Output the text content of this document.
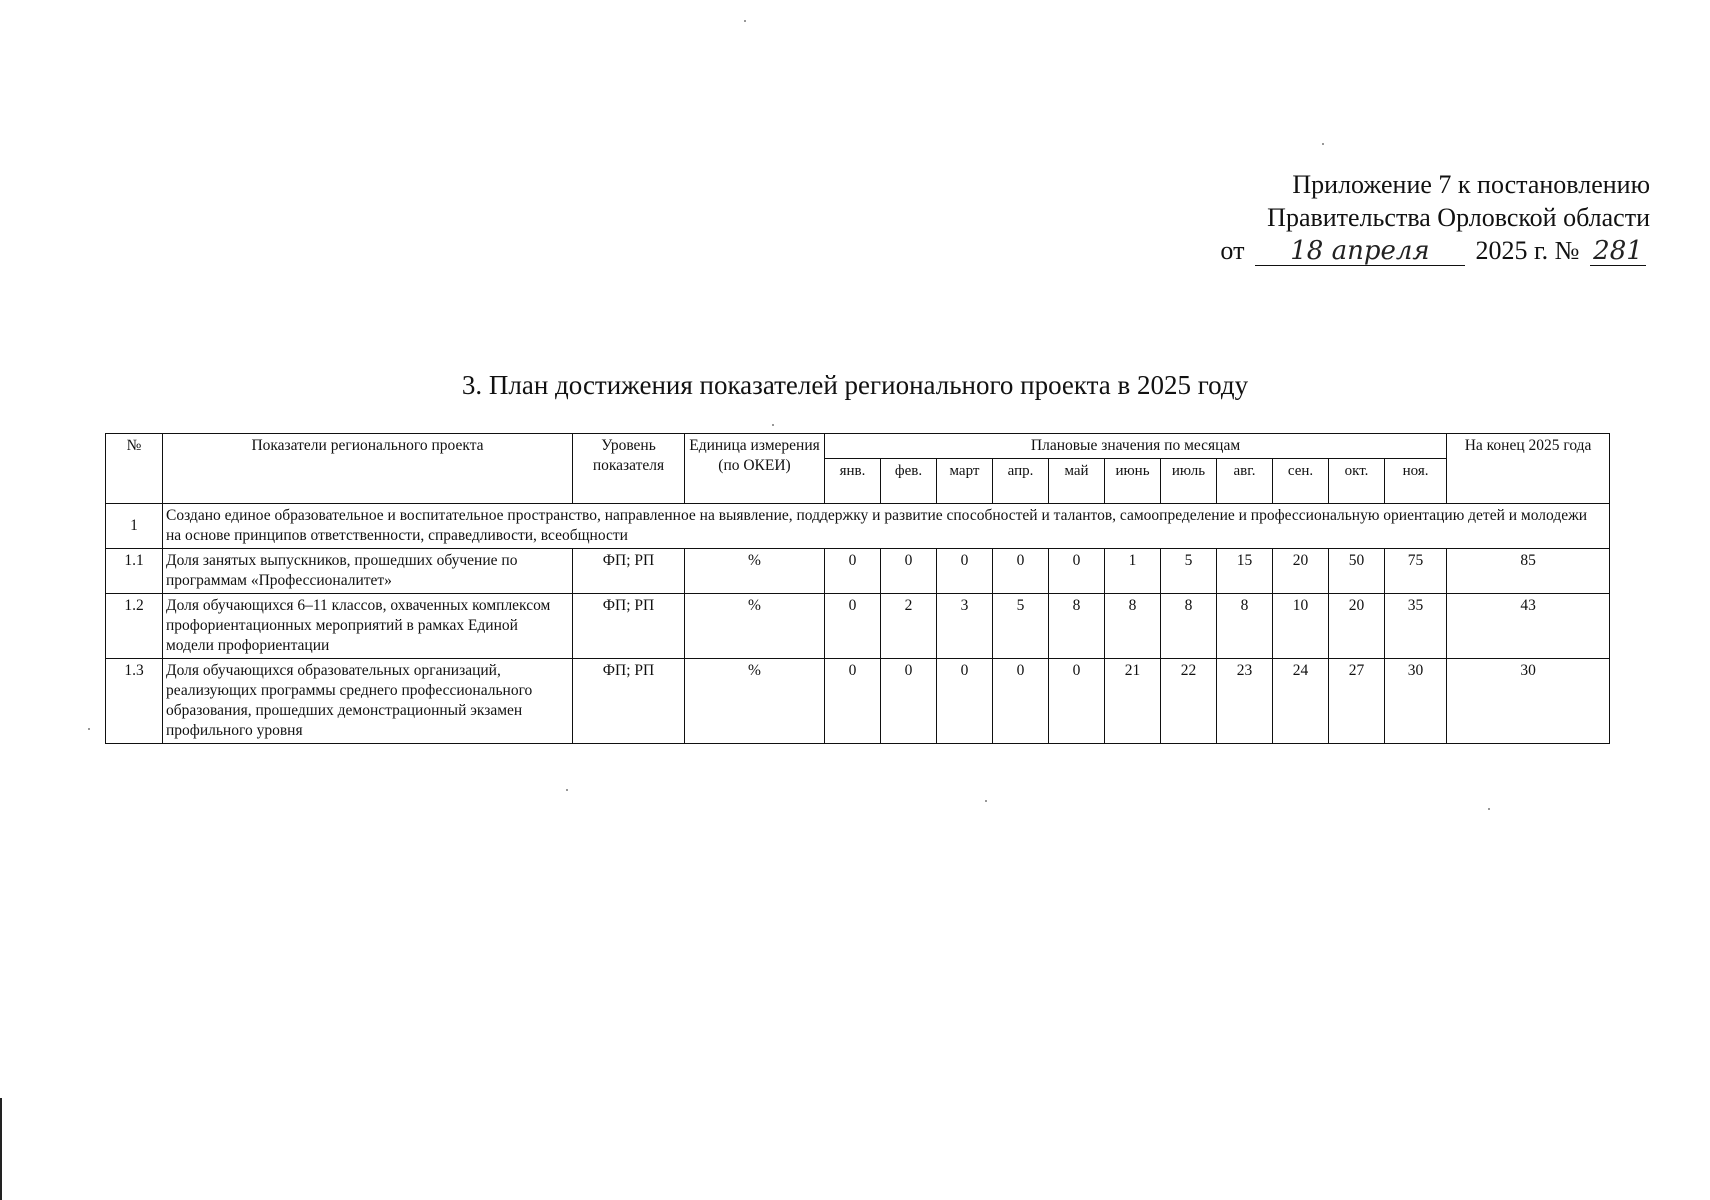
Приложение 7 к постановлению
Правительства Орловской области
от 18 апреля 2025 г. № 281
3. План достижения показателей регионального проекта в 2025 году
№	Показатели регионального проекта	Уровень показателя	Единица измерения (по ОКЕИ)	Плановые значения по месяцам											На конец 2025 года
				янв.	фев.	март	апр.	май	июнь	июль	авг.	сен.	окт.	ноя.	
1	Создано единое образовательное и воспитательное пространство, направленное на выявление, поддержку и развитие способностей и талантов, самоопределение и профессиональную ориентацию детей и молодежи на основе принципов ответственности, справедливости, всеобщности														
1.1	Доля занятых выпускников, прошедших обучение по программам «Профессионалитет»	ФП; РП	%	0	0	0	0	0	1	5	15	20	50	75	85
1.2	Доля обучающихся 6–11 классов, охваченных комплексом профориентационных мероприятий в рамках Единой модели профориентации	ФП; РП	%	0	2	3	5	8	8	8	8	10	20	35	43
1.3	Доля обучающихся образовательных организаций, реализующих программы среднего профессионального образования, прошедших демонстрационный экзамен профильного уровня	ФП; РП	%	0	0	0	0	0	21	22	23	24	27	30	30
